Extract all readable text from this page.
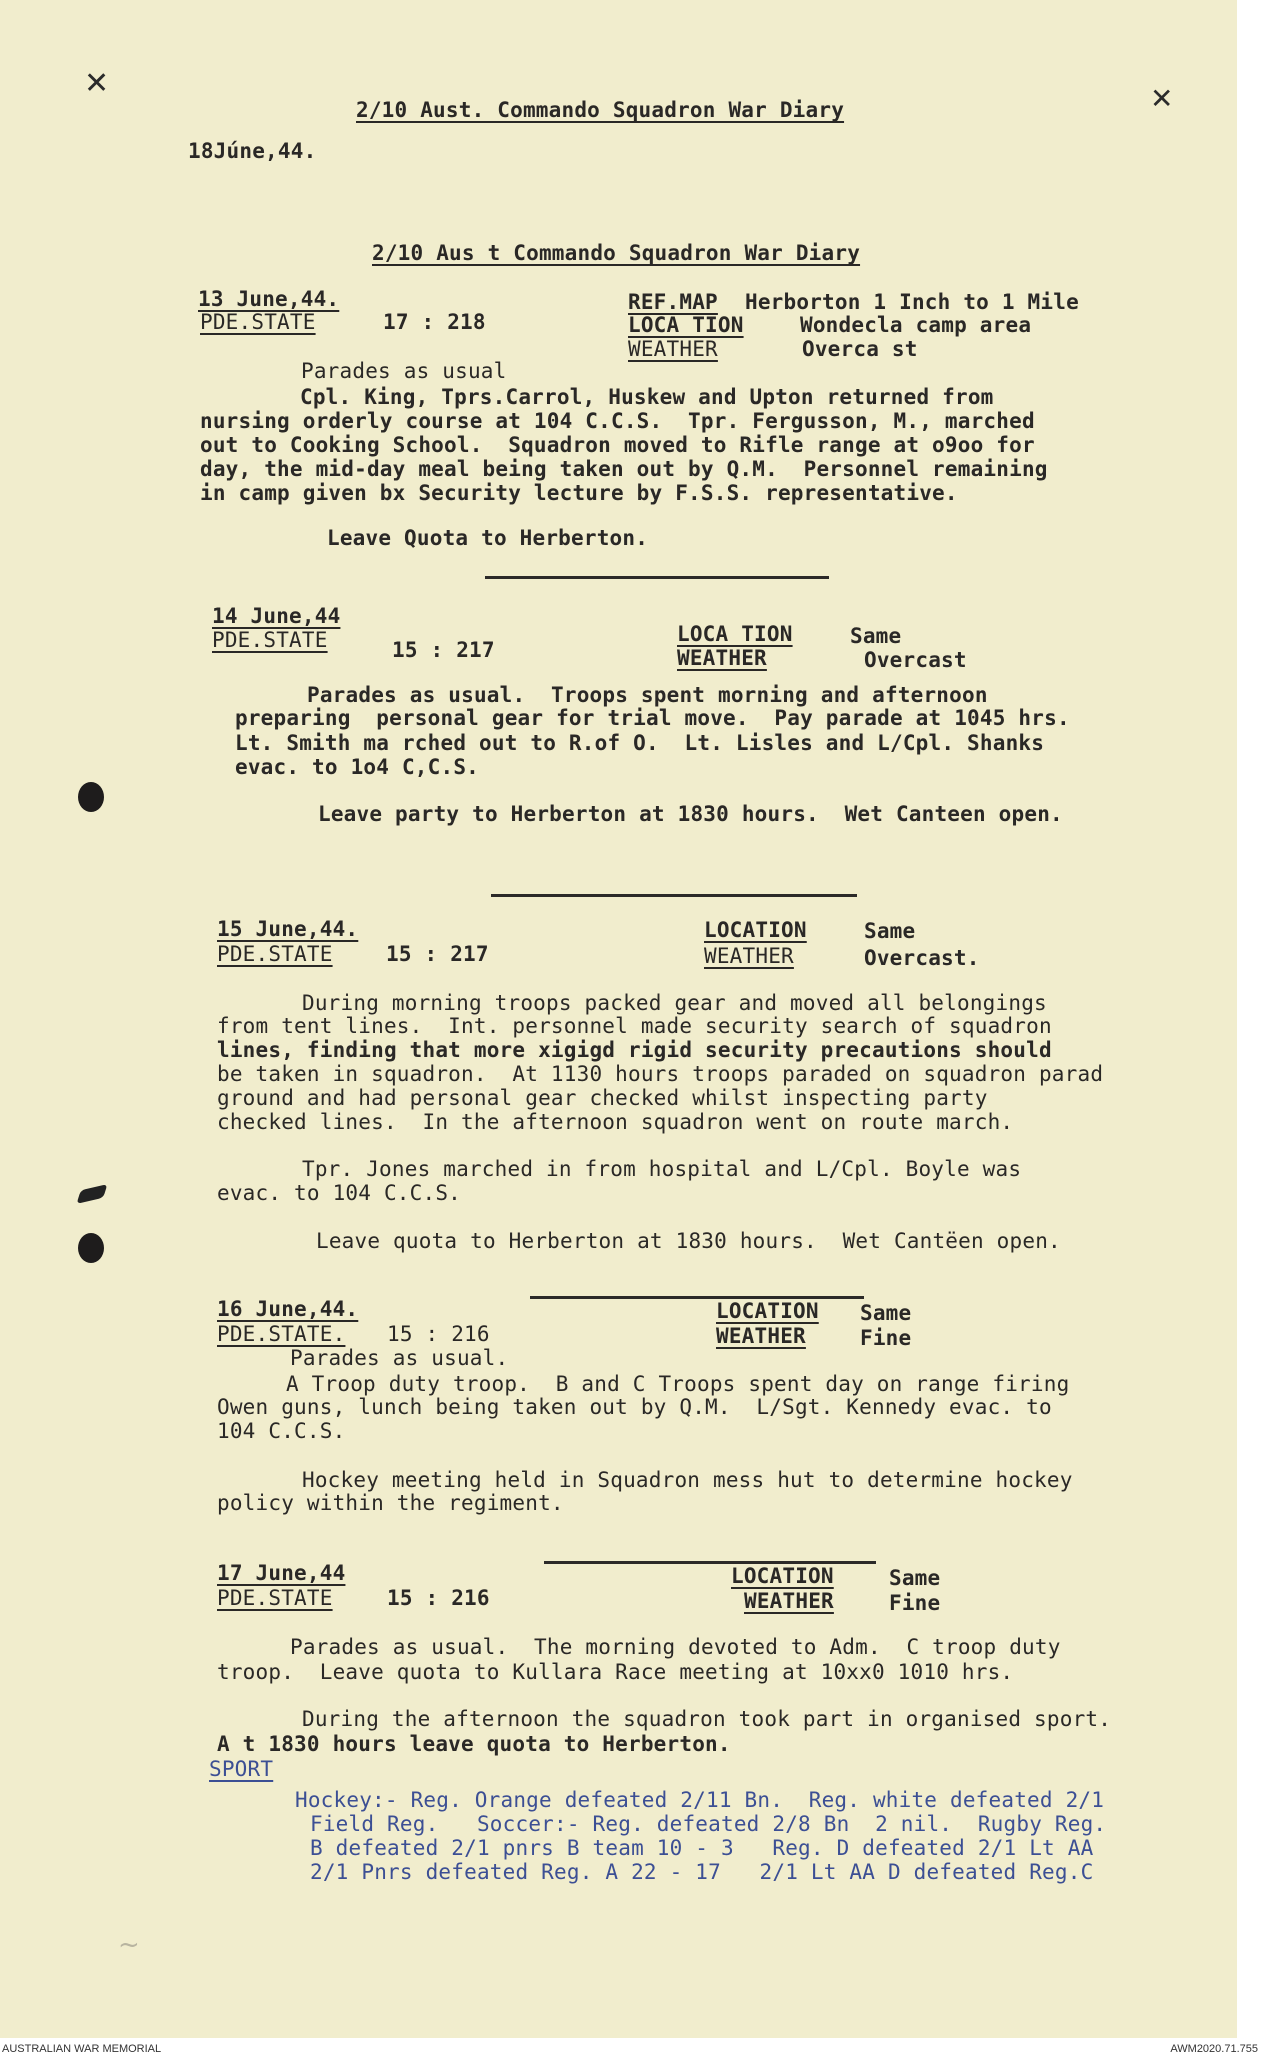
✕	✕
2/10 Aust. Commando Squadron War Diary
18Júne,44.
2/10 Aus t Commando Squadron War Diary
13 June,44.
PDE.STATE	17 : 218
REF.MAP Herborton 1 Inch to 1 Mile
LOCA TION	Wondecla camp area
WEATHER	Overca st
Parades as usual
Cpl. King, Tprs.Carrol, Huskew and Upton returned from
nursing orderly course at 104 C.C.S.  Tpr. Fergusson, M., marched
out to Cooking School.  Squadron moved to Rifle range at o9oo for
day, the mid-day meal being taken out by Q.M.  Personnel remaining
in camp given bx Security lecture by F.S.S. representative.
Leave Quota to Herberton.
14 June,44
PDE.STATE	15 : 217
LOCA TION	Same
WEATHER	Overcast
Parades as usual.  Troops spent morning and afternoon
preparing  personal gear for trial move.  Pay parade at 1045 hrs.
Lt. Smith ma rched out to R.of O.  Lt. Lisles and L/Cpl. Shanks
evac. to 1o4 C,C.S.
Leave party to Herberton at 1830 hours.  Wet Canteen open.
15 June,44.
PDE.STATE	15 : 217
LOCATION	Same
WEATHER	Overcast.
During morning troops packed gear and moved all belongings
from tent lines.  Int. personnel made security search of squadron
lines, finding that more xigigd rigid security precautions should
be taken in squadron.  At 1130 hours troops paraded on squadron parad
ground and had personal gear checked whilst inspecting party
checked lines.  In the afternoon squadron went on route march.
Tpr. Jones marched in from hospital and L/Cpl. Boyle was
evac. to 104 C.C.S.
Leave quota to Herberton at 1830 hours.  Wet Cantëen open.
16 June,44.
PDE.STATE. 15 : 216
LOCATION Same
WEATHER	Fine
Parades as usual.
A Troop duty troop.  B and C Troops spent day on range firing
Owen guns, lunch being taken out by Q.M.  L/Sgt. Kennedy evac. to
104 C.C.S.
Hockey meeting held in Squadron mess hut to determine hockey
policy within the regiment.
17 June,44
PDE.STATE	15 : 216
LOCATION	Same
WEATHER	Fine
Parades as usual.  The morning devoted to Adm.  C troop duty
troop.  Leave quota to Kullara Race meeting at 10xx0 1010 hrs.
During the afternoon the squadron took part in organised sport.
A t 1830 hours leave quota to Herberton.
SPORT
Hockey:- Reg. Orange defeated 2/11 Bn.  Reg. white defeated 2/1
Field Reg.   Soccer:- Reg. defeated 2/8 Bn  2 nil.  Rugby Reg.
B defeated 2/1 pnrs B team 10 - 3   Reg. D defeated 2/1 Lt AA
2/1 Pnrs defeated Reg. A 22 - 17   2/1 Lt AA D defeated Reg.C
~
AUSTRALIAN WAR MEMORIAL	AWM2020.71.755
